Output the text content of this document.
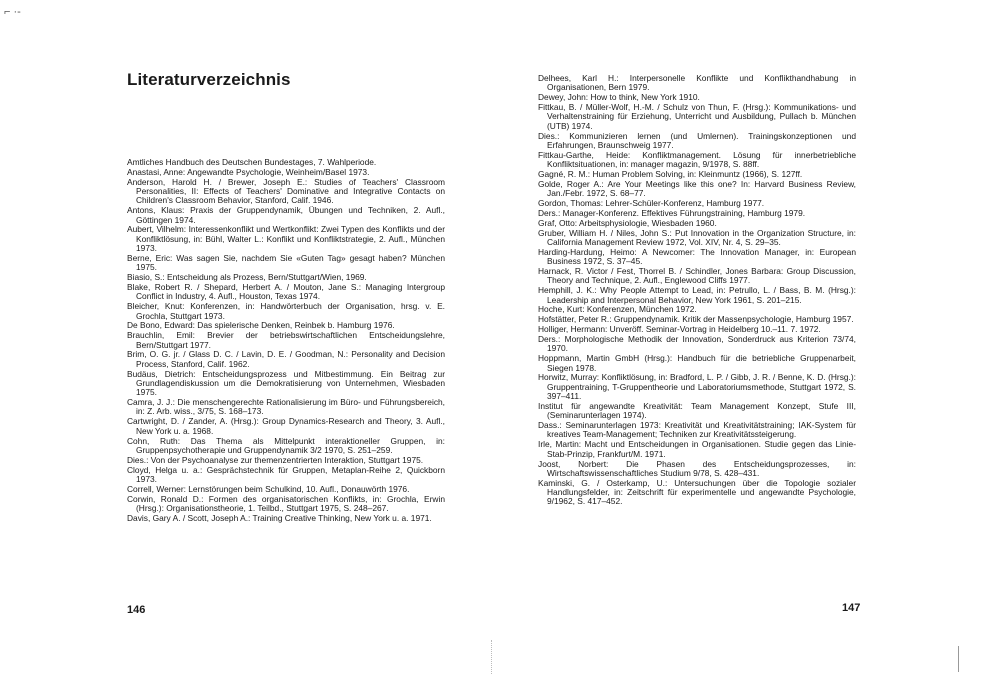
⌐ ·-
Literaturverzeichnis

Amtliches Handbuch des Deutschen Bundestages, 7. Wahlperiode.

Anastasi, Anne: Angewandte Psychologie, Weinheim/Basel 1973.

Anderson, Harold H. / Brewer, Joseph E.: Studies of Teachers' Classroom Personalities, II: Effects of Teachers' Dominative and Integrative Contacts on Children's Classroom Behavior, Stanford, Calif. 1946.

Antons, Klaus: Praxis der Gruppendynamik, Übungen und Techniken, 2. Aufl., Göttingen 1974.

Aubert, Vilhelm: Interessenkonflikt und Wertkonflikt: Zwei Typen des Konflikts und der Konfliktlösung, in: Bühl, Walter L.: Konflikt und Konfliktstrategie, 2. Aufl., München 1973.

Berne, Eric: Was sagen Sie, nachdem Sie «Guten Tag» gesagt haben? München 1975.

Biasio, S.: Entscheidung als Prozess, Bern/Stuttgart/Wien, 1969.

Blake, Robert R. / Shepard, Herbert A. / Mouton, Jane S.: Managing Intergroup Conflict in Industry, 4. Aufl., Houston, Texas 1974.

Bleicher, Knut: Konferenzen, in: Handwörterbuch der Organisation, hrsg. v. E. Grochla, Stuttgart 1973.

De Bono, Edward: Das spielerische Denken, Reinbek b. Hamburg 1976.

Brauchlin, Emil: Brevier der betriebswirtschaftlichen Entscheidungslehre, Bern/Stuttgart 1977.

Brim, O. G. jr. / Glass D. C. / Lavin, D. E. / Goodman, N.: Personality and Decision Process, Stanford, Calif. 1962.

Budäus, Dietrich: Entscheidungsprozess und Mitbestimmung. Ein Beitrag zur Grundlagendiskussion um die Demokratisierung von Unternehmen, Wiesbaden 1975.

Camra, J. J.: Die menschengerechte Rationalisierung im Büro- und Führungsbereich, in: Z. Arb. wiss., 3/75, S. 168–173.

Cartwright, D. / Zander, A. (Hrsg.): Group Dynamics-Research and Theory, 3. Aufl., New York u. a. 1968.

Cohn, Ruth: Das Thema als Mittelpunkt interaktioneller Gruppen, in: Gruppenpsychotherapie und Gruppendynamik 3/2 1970, S. 251–259.

Dies.: Von der Psychoanalyse zur themenzentrierten Interaktion, Stuttgart 1975.

Cloyd, Helga u. a.: Gesprächstechnik für Gruppen, Metaplan-Reihe 2, Quickborn 1973.

Correll, Werner: Lernstörungen beim Schulkind, 10. Aufl., Donauwörth 1976.

Corwin, Ronald D.: Formen des organisatorischen Konflikts, in: Grochla, Erwin (Hrsg.): Organisationstheorie, 1. Teilbd., Stuttgart 1975, S. 248–267.

Davis, Gary A. / Scott, Joseph A.: Training Creative Thinking, New York u. a. 1971.

146

Delhees, Karl H.: Interpersonelle Konflikte und Konflikthandhabung in Organisationen, Bern 1979.

Dewey, John: How to think, New York 1910.

Fittkau, B. / Müller-Wolf, H.-M. / Schulz von Thun, F. (Hrsg.): Kommunikations- und Verhaltenstraining für Erziehung, Unterricht und Ausbildung, Pullach b. München (UTB) 1974.

Dies.: Kommunizieren lernen (und Umlernen). Trainingskonzeptionen und Erfahrungen, Braunschweig 1977.

Fittkau-Garthe, Heide: Konfliktmanagement. Lösung für innerbetriebliche Konfliktsituationen, in: manager magazin, 9/1978, S. 88ff.

Gagné, R. M.: Human Problem Solving, in: Kleinmuntz (1966), S. 127ff.

Golde, Roger A.: Are Your Meetings like this one? In: Harvard Business Review, Jan./Febr. 1972, S. 68–77.

Gordon, Thomas: Lehrer-Schüler-Konferenz, Hamburg 1977.

Ders.: Manager-Konferenz. Effektives Führungstraining, Hamburg 1979.

Graf, Otto: Arbeitsphysiologie, Wiesbaden 1960.

Gruber, William H. / Niles, John S.: Put Innovation in the Organization Structure, in: California Management Review 1972, Vol. XIV, Nr. 4, S. 29–35.

Harding-Hardung, Heimo: A Newcomer: The Innovation Manager, in: European Business 1972, S. 37–45.

Harnack, R. Victor / Fest, Thorrel B. / Schindler, Jones Barbara: Group Discussion, Theory and Technique, 2. Aufl., Englewood Cliffs 1977.

Hemphill, J. K.: Why People Attempt to Lead, in: Petrullo, L. / Bass, B. M. (Hrsg.): Leadership and Interpersonal Behavior, New York 1961, S. 201–215.

Hoche, Kurt: Konferenzen, München 1972.

Hofstätter, Peter R.: Gruppendynamik. Kritik der Massenpsychologie, Hamburg 1957.

Holliger, Hermann: Unveröff. Seminar-Vortrag in Heidelberg 10.–11. 7. 1972.

Ders.: Morphologische Methodik der Innovation, Sonderdruck aus Kriterion 73/74, 1970.

Hoppmann, Martin GmbH (Hrsg.): Handbuch für die betriebliche Gruppenarbeit, Siegen 1978.

Horwitz, Murray: Konfliktlösung, in: Bradford, L. P. / Gibb, J. R. / Benne, K. D. (Hrsg.): Gruppentraining, T-Gruppentheorie und Laboratoriumsmethode, Stuttgart 1972, S. 397–411.

Institut für angewandte Kreativität: Team Management Konzept, Stufe III, (Seminarunterlagen 1974).

Dass.: Seminarunterlagen 1973: Kreativität und Kreativitätstraining; IAK-System für kreatives Team-Management; Techniken zur Kreativitätssteigerung.

Irle, Martin: Macht und Entscheidungen in Organisationen. Studie gegen das Linie-Stab-Prinzip, Frankfurt/M. 1971.

Joost, Norbert: Die Phasen des Entscheidungsprozesses, in: Wirtschaftswissenschaftliches Studium 9/78, S. 428–431.

Kaminski, G. / Osterkamp, U.: Untersuchungen über die Topologie sozialer Handlungsfelder, in: Zeitschrift für experimentelle und angewandte Psychologie, 9/1962, S. 417–452.

147
